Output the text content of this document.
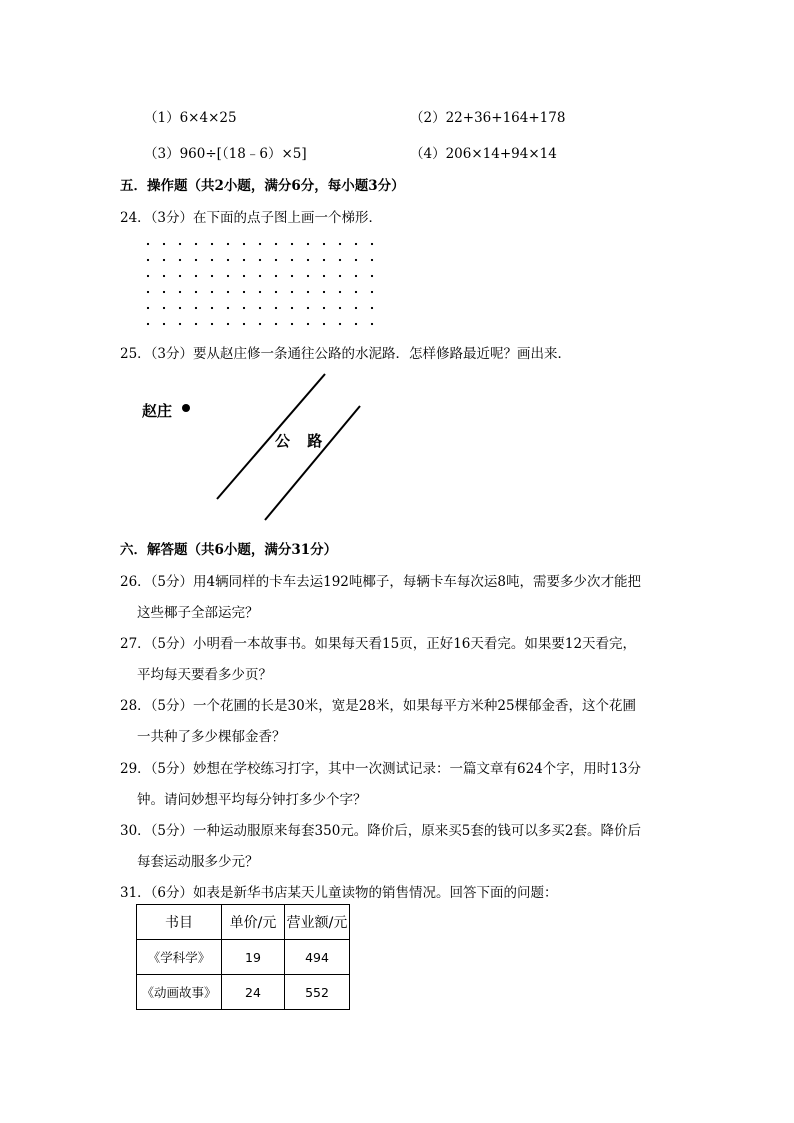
（1）6×4×25	（2）22+36+164+178
（3）960÷[（18﹣6）×5]	（4）206×14+94×14
五．操作题（共2小题，满分6分，每小题3分）
24．（3分）在下面的点子图上画一个梯形．
25．（3分）要从赵庄修一条通往公路的水泥路．怎样修路最近呢？画出来．
赵庄
公 路
六．解答题（共6小题，满分31分）
26．（5分）用4辆同样的卡车去运192吨椰子，每辆卡车每次运8吨，需要多少次才能把
这些椰子全部运完？
27．（5分）小明看一本故事书。如果每天看15页，正好16天看完。如果要12天看完，
平均每天要看多少页？
28．（5分）一个花圃的长是30米，宽是28米，如果每平方米种25棵郁金香，这个花圃
一共种了多少棵郁金香？
29．（5分）妙想在学校练习打字，其中一次测试记录：一篇文章有624个字，用时13分
钟。请问妙想平均每分钟打多少个字？
30．（5分）一种运动服原来每套350元。降价后，原来买5套的钱可以多买2套。降价后
每套运动服多少元？
31．（6分）如表是新华书店某天儿童读物的销售情况。回答下面的问题：
书目	单价/元	营业额/元
《学科学》	19	494
《动画故事》	24	552
